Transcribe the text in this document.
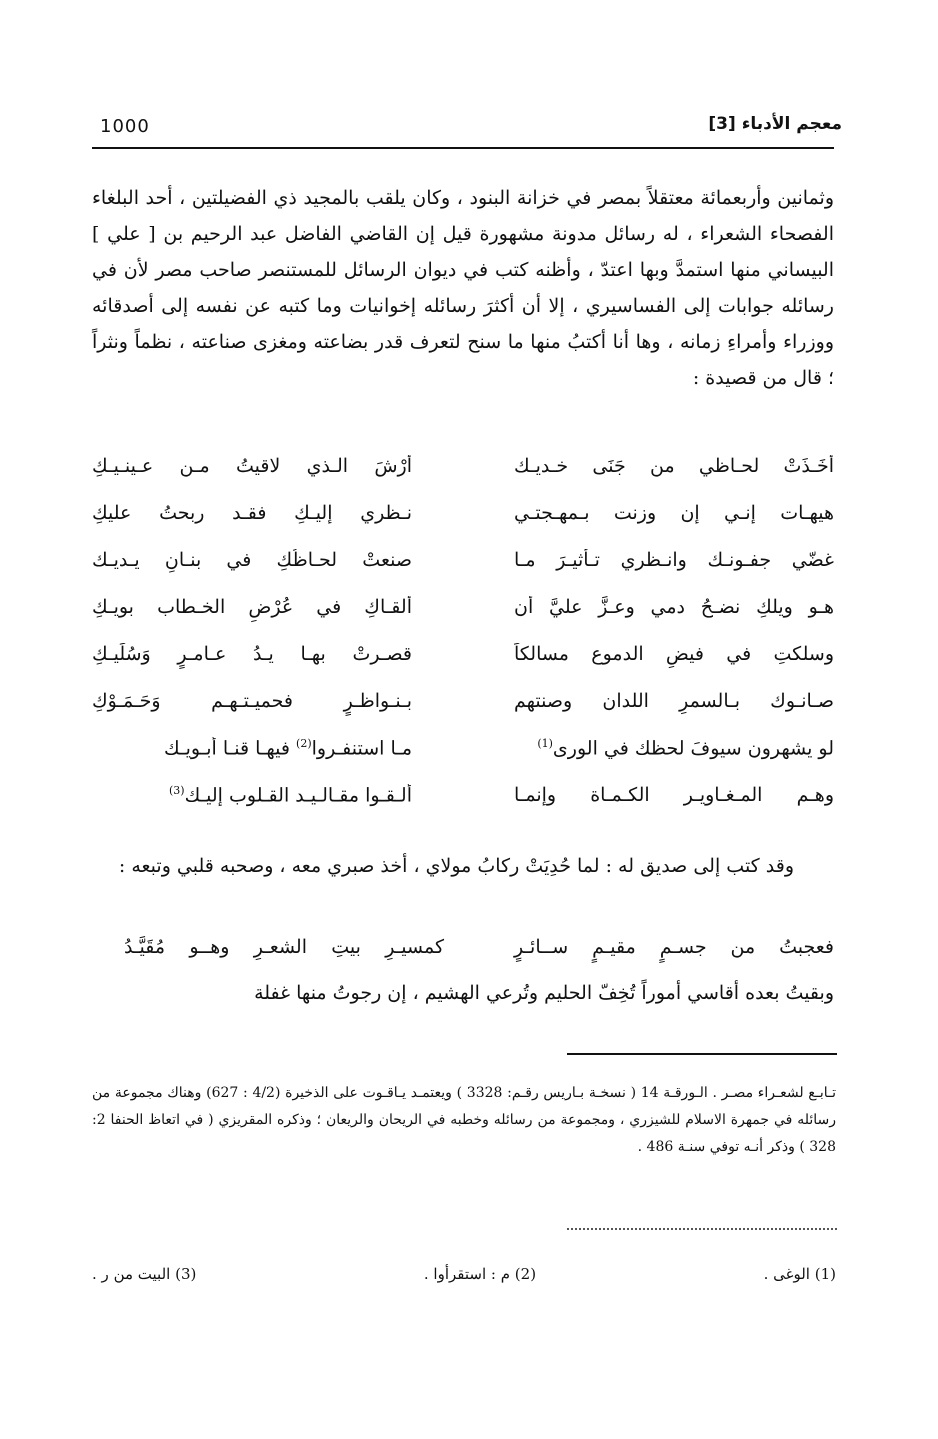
1000	معجم الأدباء [3]
وثمانين وأربعمائة معتقلاً بمصر في خزانة البنود ، وكان يلقب بالمجيد ذي الفضيلتين ، أحد البلغاء الفصحاء الشعراء ، له رسائل مدونة مشهورة قيل إن القاضي الفاضل عبد الرحيم بن [ علي ] البيساني منها استمدَّ وبها اعتدّ ، وأظنه كتب في ديوان الرسائل للمستنصر صاحب مصر لأن في رسائله جوابات إلى الفساسيري ، إلا أن أكثرَ رسائله إخوانيات وما كتبه عن نفسه إلى أصدقائه ووزراء وأمراءِ زمانه ، وها أنا أكتبُ منها ما سنح لتعرف قدر بضاعته ومغزى صناعته ، نظماً ونثراً ؛ قال من قصيدة :
أَخَـذَتْ لحـاظي من جَنَى خـديـك
أَرْشَ الـذي لاقيتُ مـن عـينـيـكِ
هيهـات إنـي إن وزنت بـمهـجتـي
نـظري إليـكِ فقـد ربحتُ عليكِ
غضّي جفـونـك وانـظري تـأثيـرَ مـا
صنعتْ لحـاظُكِ في بنـانِ يـديـك
هـو ويلكِ نضـحُ دمي وعـزَّ عليَّ أن
ألقـاكِ في عُرْضِ الخـطاب بويـكِ
وسلكتِ في فيضِ الدموع مسالكاً
قصـرتْ بهـا يـدُ عـامـرٍ وَسُلَيـكِ
صـانـوك بـالسمرِ اللدان وصنتهم
بـنـواظـرٍ فحميـتـهـم وَحَـمَـوْكِ
لو يشهرون سيوفَ لحظك في الورى$^{(1)}$
مـا استنفـروا$^{(2)}$ فيهـا قنـا أبـويـك
وهـم المـغـاويـر الكـمـاة وإنمـا
ألـقـوا مقـالـيـد القـلوب إليـك$^{(3)}$
وقد كتب إلى صديق له : لما حُدِيَتْ ركابُ مولاي ، أخذ صبري معه ، وصحبه قلبي وتبعه :
فعجبتُ من جسـمٍ مقيـمٍ ســائـرٍ
كمسيـرِ بيتِ الشعـرِ وهــو مُقَيَّـدُ
وبقيتُ بعده أقاسي أموراً تُخِفّ الحليم وتُرعي الهشيم ، إن رجوتُ منها غفلة
تـابـع لشعـراء مصـر . الـورقـة 14 ( نسخـة بـاريس رقـم: 3328 ) ويعتمـد يـاقـوت على الذخيرة (4/2 : 627) وهناك مجموعة من رسائله في جمهرة الاسلام للشيزري ، ومجموعة من رسائله وخطبه في الريحان والريعان ؛ وذكره المقريزي ( في اتعاظ الحنفا 2: 328 ) وذكر أنـه توفي سنـة 486 .
(1) الوغى .
(2) م : استقرأوا .
(3) البيت من ر .
